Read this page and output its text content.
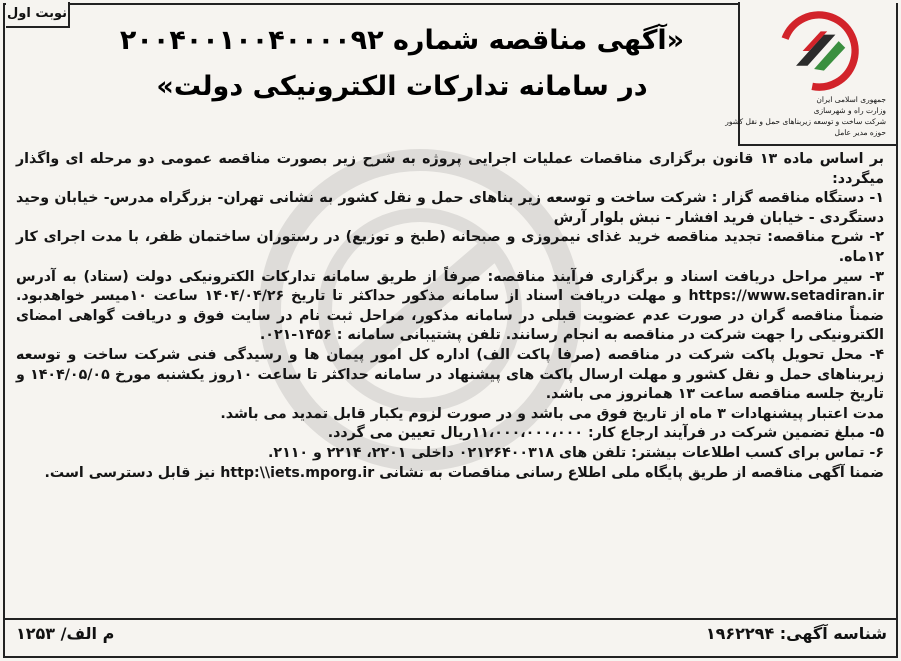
نوبت اول
جمهوری اسلامی ایران
وزارت راه و شهرسازی
شرکت ساخت و توسعه زیربناهای حمل و نقل کشور
حوزه مدیر عامل
«آگهی مناقصه شماره ۲۰۰۴۰۰۱۰۰۴۰۰۰۰۹۲
در سامانه تدارکات الکترونیکی دولت»

بر اساس ماده ۱۳ قانون برگزاری مناقصات عملیات اجرایی پروژه به شرح زیر بصورت مناقصه عمومی دو مرحله ای واگذار میگردد:

۱- دستگاه مناقصه گزار : شرکت ساخت و توسعه زیر بناهای حمل و نقل کشور به نشانی تهران- بزرگراه مدرس- خیابان وحید دستگردی - خیابان فرید افشار - نبش بلوار آرش

۲- شرح مناقصه: تجدید مناقصه خرید غذای نیمروزی و صبحانه (طبخ و توزیع) در رستوران ساختمان ظفر، با مدت اجرای کار ۱۲ماه.

۳- سیر مراحل دریافت اسناد و برگزاری فرآیند مناقصه: صرفاً از طریق سامانه تدارکات الکترونیکی دولت (ستاد) به آدرس https://www.setadiran.ir و مهلت دریافت اسناد از سامانه مذکور حداکثر تا تاریخ ۱۴۰۴/۰۴/۲۶ ساعت ۱۰میسر خواهدبود. ضمناً مناقصه گران در صورت عدم عضویت قبلی در سامانه مذکور، مراحل ثبت نام در سایت فوق و دریافت گواهی امضای الکترونیکی را جهت شرکت در مناقصه به انجام رسانند. تلفن پشتیبانی سامانه : ۱۴۵۶-۰۲۱.

۴- محل تحویل پاکت شرکت در مناقصه (صرفا پاکت الف) اداره کل امور پیمان ها و رسیدگی فنی شرکت ساخت و توسعه زیربناهای حمل و نقل کشور و مهلت ارسال پاکت های پیشنهاد در سامانه حداکثر تا ساعت ۱۰روز یکشنبه مورخ ۱۴۰۴/۰۵/۰۵ و تاریخ جلسه مناقصه ساعت ۱۳ همانروز می باشد.

مدت اعتبار پیشنهادات ۳ ماه از تاریخ فوق می باشد و در صورت لزوم یکبار قابل تمدید می باشد.

۵- مبلغ تضمین شرکت در فرآیند ارجاع کار: ۱۱،۰۰۰،۰۰۰،۰۰۰ریال تعیین می گردد.

۶- تماس برای کسب اطلاعات بیشتر: تلفن های ۰۲۱۲۶۴۰۰۳۱۸ داخلی ۲۲۰۱، ۲۲۱۴ و ۲۱۱۰.

ضمنا آگهی مناقصه از طریق پایگاه ملی اطلاع رسانی مناقصات به نشانی http:\\iets.mporg.ir نیز قابل دسترسی است.

شناسه آگهی: ۱۹۶۲۲۹۴
م الف/ ۱۲۵۳
